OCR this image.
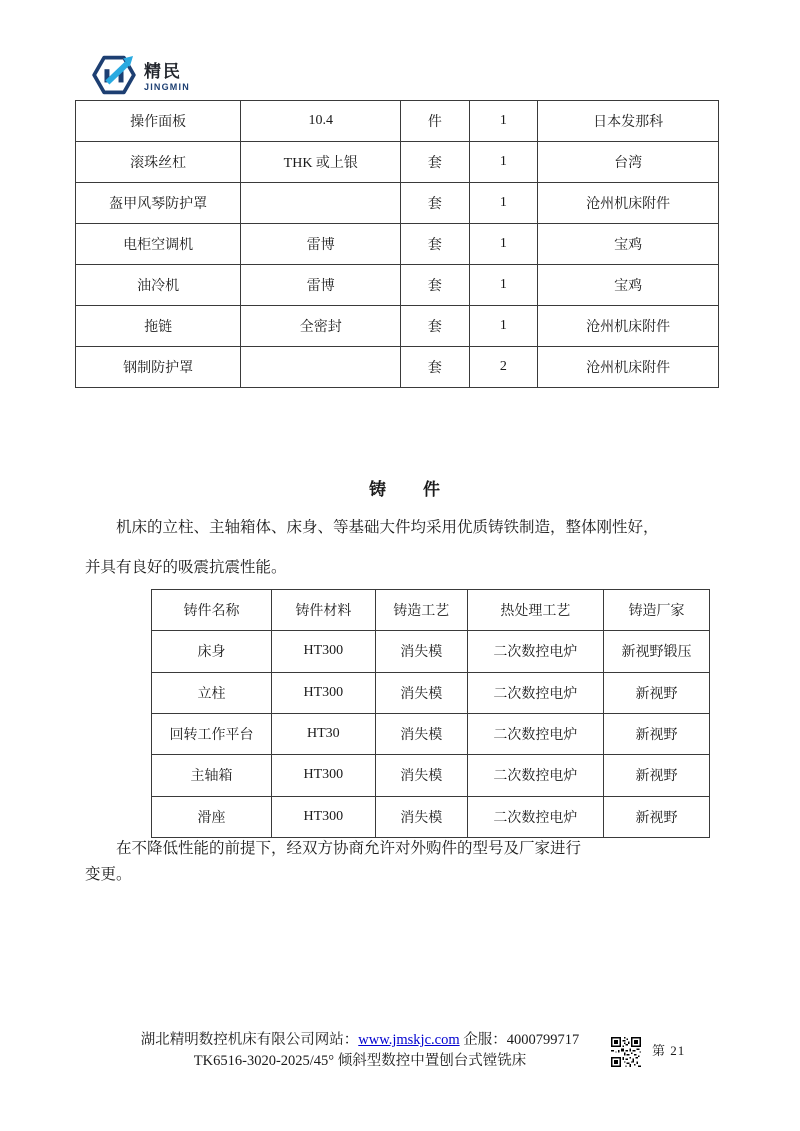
精民
JINGMIN
操作面板	10.4	件	1	日本发那科
滚珠丝杠	THK 或上银	套	1	台湾
盔甲风琴防护罩		套	1	沧州机床附件
电柜空调机	雷博	套	1	宝鸡
油冷机	雷博	套	1	宝鸡
拖链	全密封	套	1	沧州机床附件
钢制防护罩		套	2	沧州机床附件
铸　　件
机床的立柱、主轴箱体、床身、等基础大件均采用优质铸铁制造，整体刚性好，
并具有良好的吸震抗震性能。
铸件名称	铸件材料	铸造工艺	热处理工艺	铸造厂家
床身	HT300	消失模	二次数控电炉	新视野锻压
立柱	HT300	消失模	二次数控电炉	新视野
回转工作平台	HT30	消失模	二次数控电炉	新视野
主轴箱	HT300	消失模	二次数控电炉	新视野
滑座	HT300	消失模	二次数控电炉	新视野
在不降低性能的前提下，经双方协商允许对外购件的型号及厂家进行
变更。
湖北精明数控机床有限公司网站：www.jmskjc.com 企服：4000799717
TK6516-3020-2025/45° 倾斜型数控中置刨台式镗铣床
第 21
